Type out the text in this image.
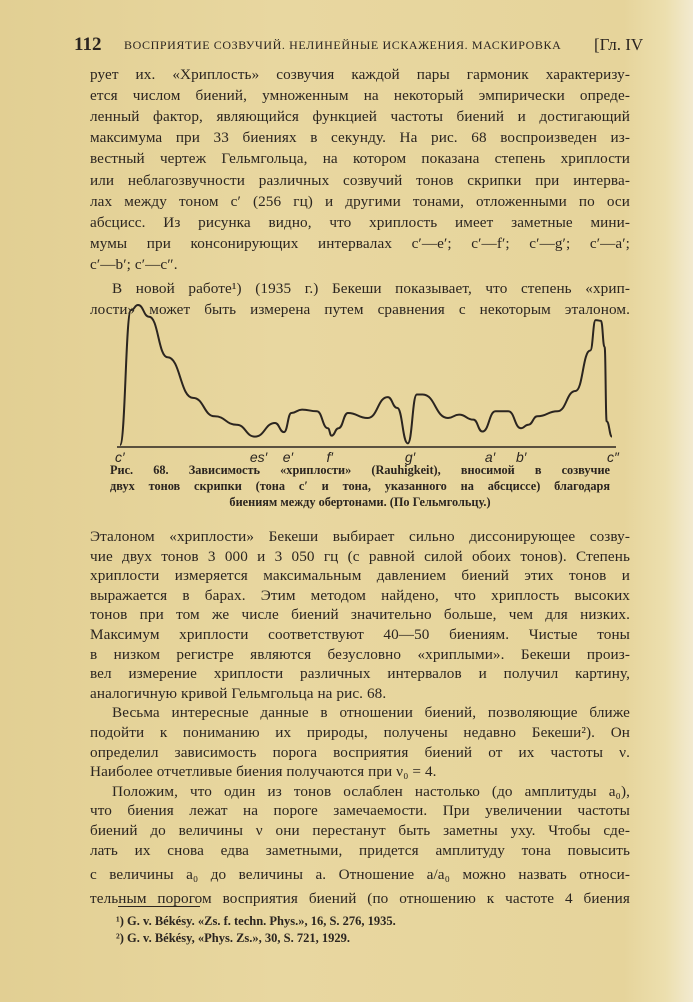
112 ВОСПРИЯТИЕ СОЗВУЧИЙ. НЕЛИНЕЙНЫЕ ИСКАЖЕНИЯ. МАСКИРОВКА [Гл. IV
рует их. «Хриплость» созвучия каждой пары гармоник характеризу-
ется числом биений, умноженным на некоторый эмпирически опреде-
ленный фактор, являющийся функцией частоты биений и достигающий
максимума при 33 биениях в секунду. На рис. 68 воспроизведен из-
вестный чертеж Гельмгольца, на котором показана степень хриплости
или неблагозвучности различных созвучий тонов скрипки при интерва-
лах между тоном c′ (256 гц) и другими тонами, отложенными по оси
абсцисс. Из рисунка видно, что хриплость имеет заметные мини-
мумы при консонирующих интервалах c′—e′; c′—f′; c′—g′; c′—a′;
c′—b′; c′—c″.
В новой работе¹) (1935 г.) Бекеши показывает, что степень «хрип-
лости» может быть измерена путем сравнения с некоторым эталоном.
Эталоном «хриплости» Бекеши выбирает сильно диссонирующее созву-
чие двух тонов 3 000 и 3 050 гц (с равной силой обоих тонов). Степень
хриплости измеряется максимальным давлением биений этих тонов и
выражается в барах. Этим методом найдено, что хриплость высоких
тонов при том же числе биений значительно больше, чем для низких.
Максимум хриплости соответствуют 40—50 биениям. Чистые тоны
в низком регистре являются безусловно «хриплыми». Бекеши произ-
вел измерение хриплости различных интервалов и получил картину,
аналогичную кривой Гельмгольца на рис. 68.
Весьма интересные данные в отношении биений, позволяющие ближе
подойти к пониманию их природы, получены недавно Бекеши²). Он
определил зависимость порога восприятия биений от их частоты ν.
Наиболее отчетливые биения получаются при ν₀ = 4.
Положим, что один из тонов ослаблен настолько (до амплитуды a₀),
что биения лежат на пороге замечаемости. При увеличении частоты
биений до величины ν они перестанут быть заметны уху. Чтобы сде-
лать их снова едва заметными, придется амплитуду тона повысить
с величины a₀ до величины a. Отношение a/a₀ можно назвать относи-
тельным порогом восприятия биений (по отношению к частоте 4 биения
c′	es′ e′ f′	g′	a′ b′	c″
Рис. 68. Зависимость «хриплости» (Rauhigkeit), вносимой в созвучие
двух тонов скрипки (тона c′ и тона, указанного на абсциссе) благодаря
биениям между обертонами. (По Гельмгольцу.)
¹) G. v. Békésy. «Zs. f. techn. Phys.», 16, S. 276, 1935.
²) G. v. Békésy, «Phys. Zs.», 30, S. 721, 1929.
